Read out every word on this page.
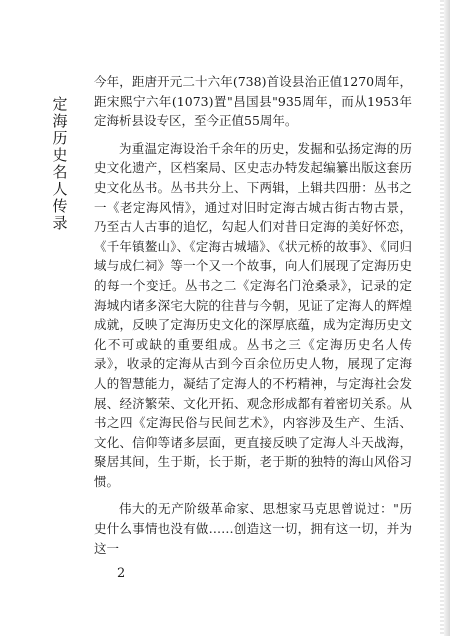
定
海
历
史
名
人
传
录

今年，距唐开元二十六年(738)首设县治正值1270周年，距宋熙宁六年(1073)置"昌国县"935周年，而从1953年定海析县设专区，至今正值55周年。

为重温定海设治千余年的历史，发掘和弘扬定海的历史文化遗产，区档案局、区史志办特发起编纂出版这套历史文化丛书。丛书共分上、下两辑，上辑共四册：丛书之一《老定海风情》，通过对旧时定海古城古街古物古景，乃至古人古事的追忆，勾起人们对昔日定海的美好怀恋，《千年镇鳌山》、《定海古城墙》、《状元桥的故事》、《同归域与成仁祠》等一个又一个故事，向人们展现了定海历史的每一个变迁。丛书之二《定海名门沧桑录》，记录的定海城内诸多深宅大院的往昔与今朝，见证了定海人的辉煌成就，反映了定海历史文化的深厚底蕴，成为定海历史文化不可或缺的重要组成。丛书之三《定海历史名人传录》，收录的定海从古到今百余位历史人物，展现了定海人的智慧能力，凝结了定海人的不朽精神，与定海社会发展、经济繁荣、文化开拓、观念形成都有着密切关系。从书之四《定海民俗与民间艺术》，内容涉及生产、生活、文化、信仰等诸多层面，更直接反映了定海人斗天战海，聚居其间，生于斯，长于斯，老于斯的独特的海山风俗习惯。

伟大的无产阶级革命家、思想家马克思曾说过："历史什么事情也没有做……创造这一切，拥有这一切，并为这一

2
